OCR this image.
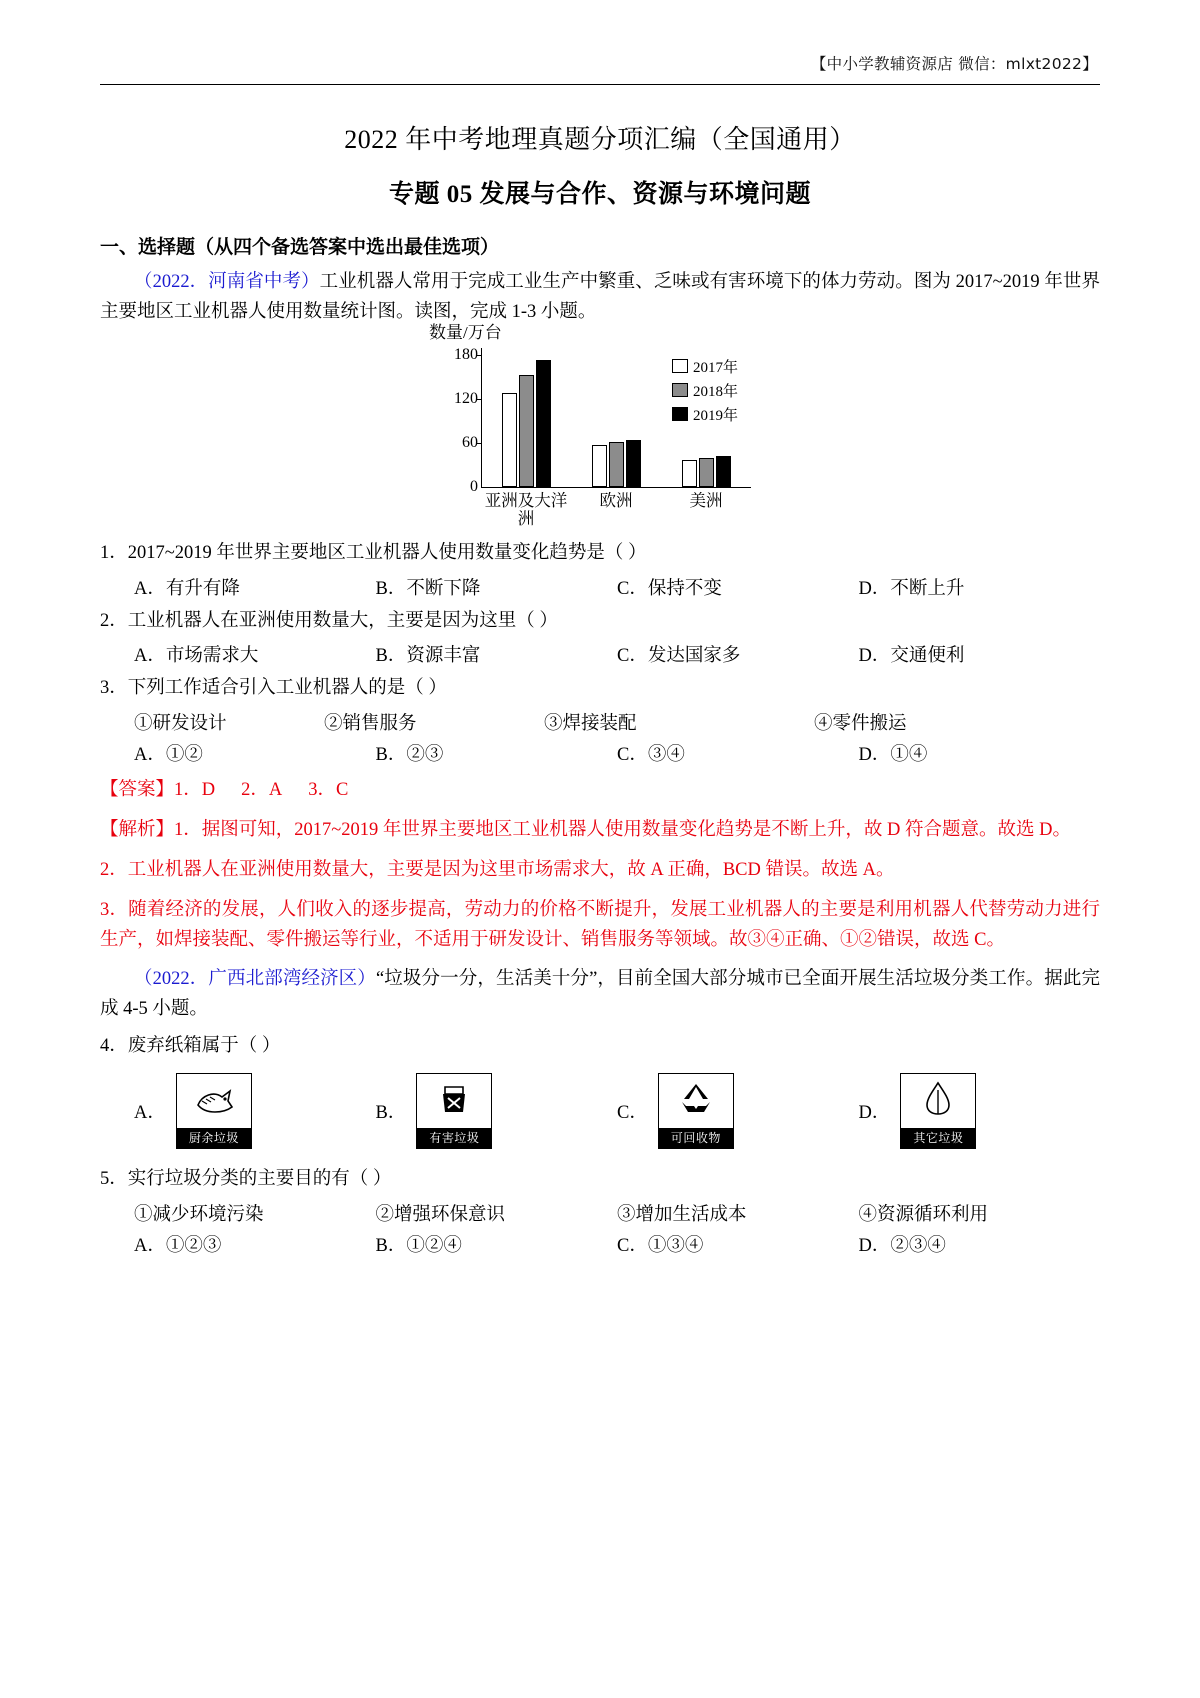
【中小学教辅资源店 微信：mlxt2022】
2022 年中考地理真题分项汇编（全国通用）
专题 05 发展与合作、资源与环境问题
一、选择题（从四个备选答案中选出最佳选项）

（2022．河南省中考）工业机器人常用于完成工业生产中繁重、乏味或有害环境下的体力劳动。图为 2017~2019 年世界主要地区工业机器人使用数量统计图。读图，完成 1-3 小题。

数量/万台
0
60
120
180
2017年
2018年
2019年
亚洲及大洋洲
欧洲	美洲

1．2017~2019 年世界主要地区工业机器人使用数量变化趋势是（ ）

A．有升有降	B．不断下降	C．保持不变	D．不断上升

2．工业机器人在亚洲使用数量大，主要是因为这里（ ）

A．市场需求大	B．资源丰富	C．发达国家多	D．交通便利

3．下列工作适合引入工业机器人的是（ ）

①研发设计	②销售服务	③焊接装配	④零件搬运
A．①②	B．②③	C．③④	D．①④

【答案】1．D 2．A 3．C

【解析】1．据图可知，2017~2019 年世界主要地区工业机器人使用数量变化趋势是不断上升，故 D 符合题意。故选 D。

2．工业机器人在亚洲使用数量大，主要是因为这里市场需求大，故 A 正确，BCD 错误。故选 A。

3．随着经济的发展，人们收入的逐步提高，劳动力的价格不断提升，发展工业机器人的主要是利用机器人代替劳动力进行生产，如焊接装配、零件搬运等行业，不适用于研发设计、销售服务等领域。故③④正确、①②错误，故选 C。

（2022．广西北部湾经济区）“垃圾分一分，生活美十分”，目前全国大部分城市已全面开展生活垃圾分类工作。据此完成 4-5 小题。

4．废弃纸箱属于（ ）

A．
厨余垃圾
B．
有害垃圾
C．
可回收物
D．
其它垃圾

5．实行垃圾分类的主要目的有（ ）

①减少环境污染	②增强环保意识	③增加生活成本	④资源循环利用
A．①②③	B．①②④	C．①③④	D．②③④
